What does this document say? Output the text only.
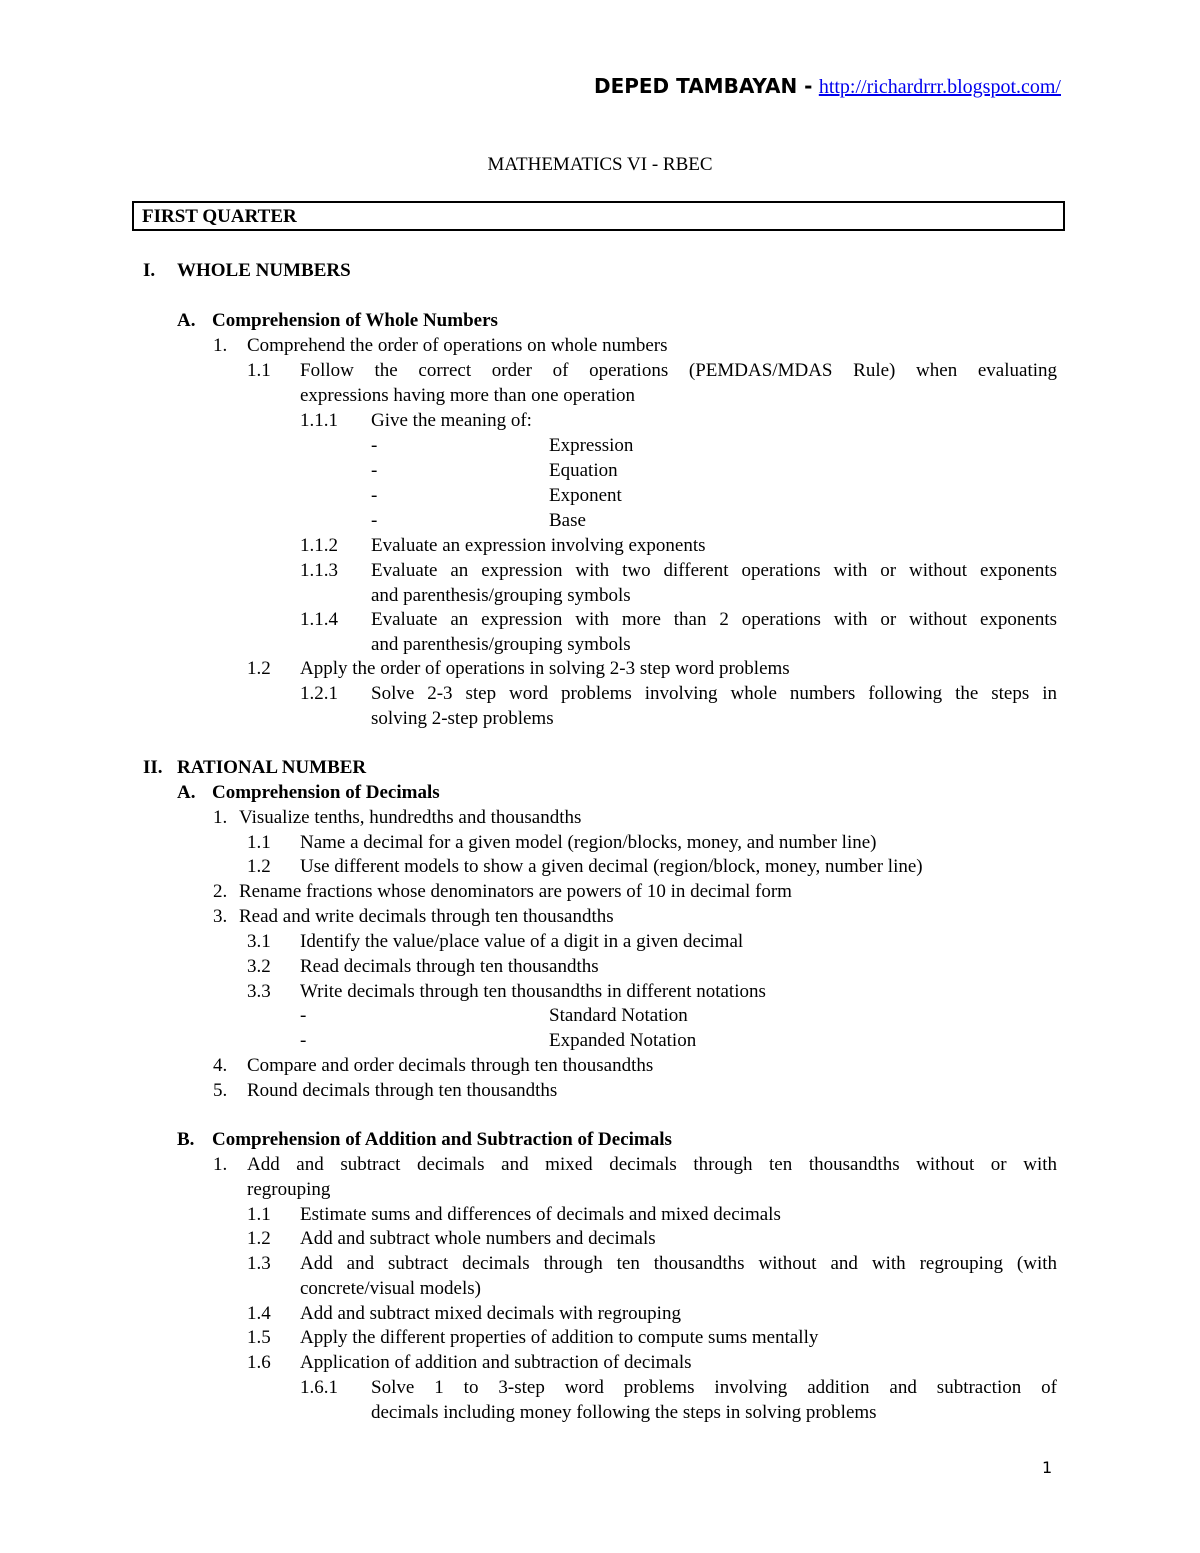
DEPED TAMBAYAN - http://richardrrr.blogspot.com/
MATHEMATICS VI - RBEC
FIRST QUARTER
I. WHOLE NUMBERS
A. Comprehension of Whole Numbers
1. Comprehend the order of operations on whole numbers
1.1 Follow the correct order of operations (PEMDAS/MDAS Rule) when evaluating
expressions having more than one operation
1.1.1 Give the meaning of:
-	Expression
-	Equation
-	Exponent
-	Base
1.1.2 Evaluate an expression involving exponents
1.1.3 Evaluate an expression with two different operations with or without exponents
and parenthesis/grouping symbols
1.1.4 Evaluate an expression with more than 2 operations with or without exponents
and parenthesis/grouping symbols
1.2 Apply the order of operations in solving 2-3 step word problems
1.2.1 Solve 2-3 step word problems involving whole numbers following the steps in
solving 2-step problems
II. RATIONAL NUMBER
A. Comprehension of Decimals
1. Visualize tenths, hundredths and thousandths
1.1 Name a decimal for a given model (region/blocks, money, and number line)
1.2 Use different models to show a given decimal (region/block, money, number line)
2. Rename fractions whose denominators are powers of 10 in decimal form
3. Read and write decimals through ten thousandths
3.1 Identify the value/place value of a digit in a given decimal
3.2 Read decimals through ten thousandths
3.3 Write decimals through ten thousandths in different notations
-	Standard Notation
-	Expanded Notation
4. Compare and order decimals through ten thousandths
5. Round decimals through ten thousandths
B. Comprehension of Addition and Subtraction of Decimals
1. Add and subtract decimals and mixed decimals through ten thousandths without or with
regrouping
1.1 Estimate sums and differences of decimals and mixed decimals
1.2 Add and subtract whole numbers and decimals
1.3 Add and subtract decimals through ten thousandths without and with regrouping (with
concrete/visual models)
1.4 Add and subtract mixed decimals with regrouping
1.5 Apply the different properties of addition to compute sums mentally
1.6 Application of addition and subtraction of decimals
1.6.1 Solve 1 to 3-step word problems involving addition and subtraction of
decimals including money following the steps in solving problems
1
